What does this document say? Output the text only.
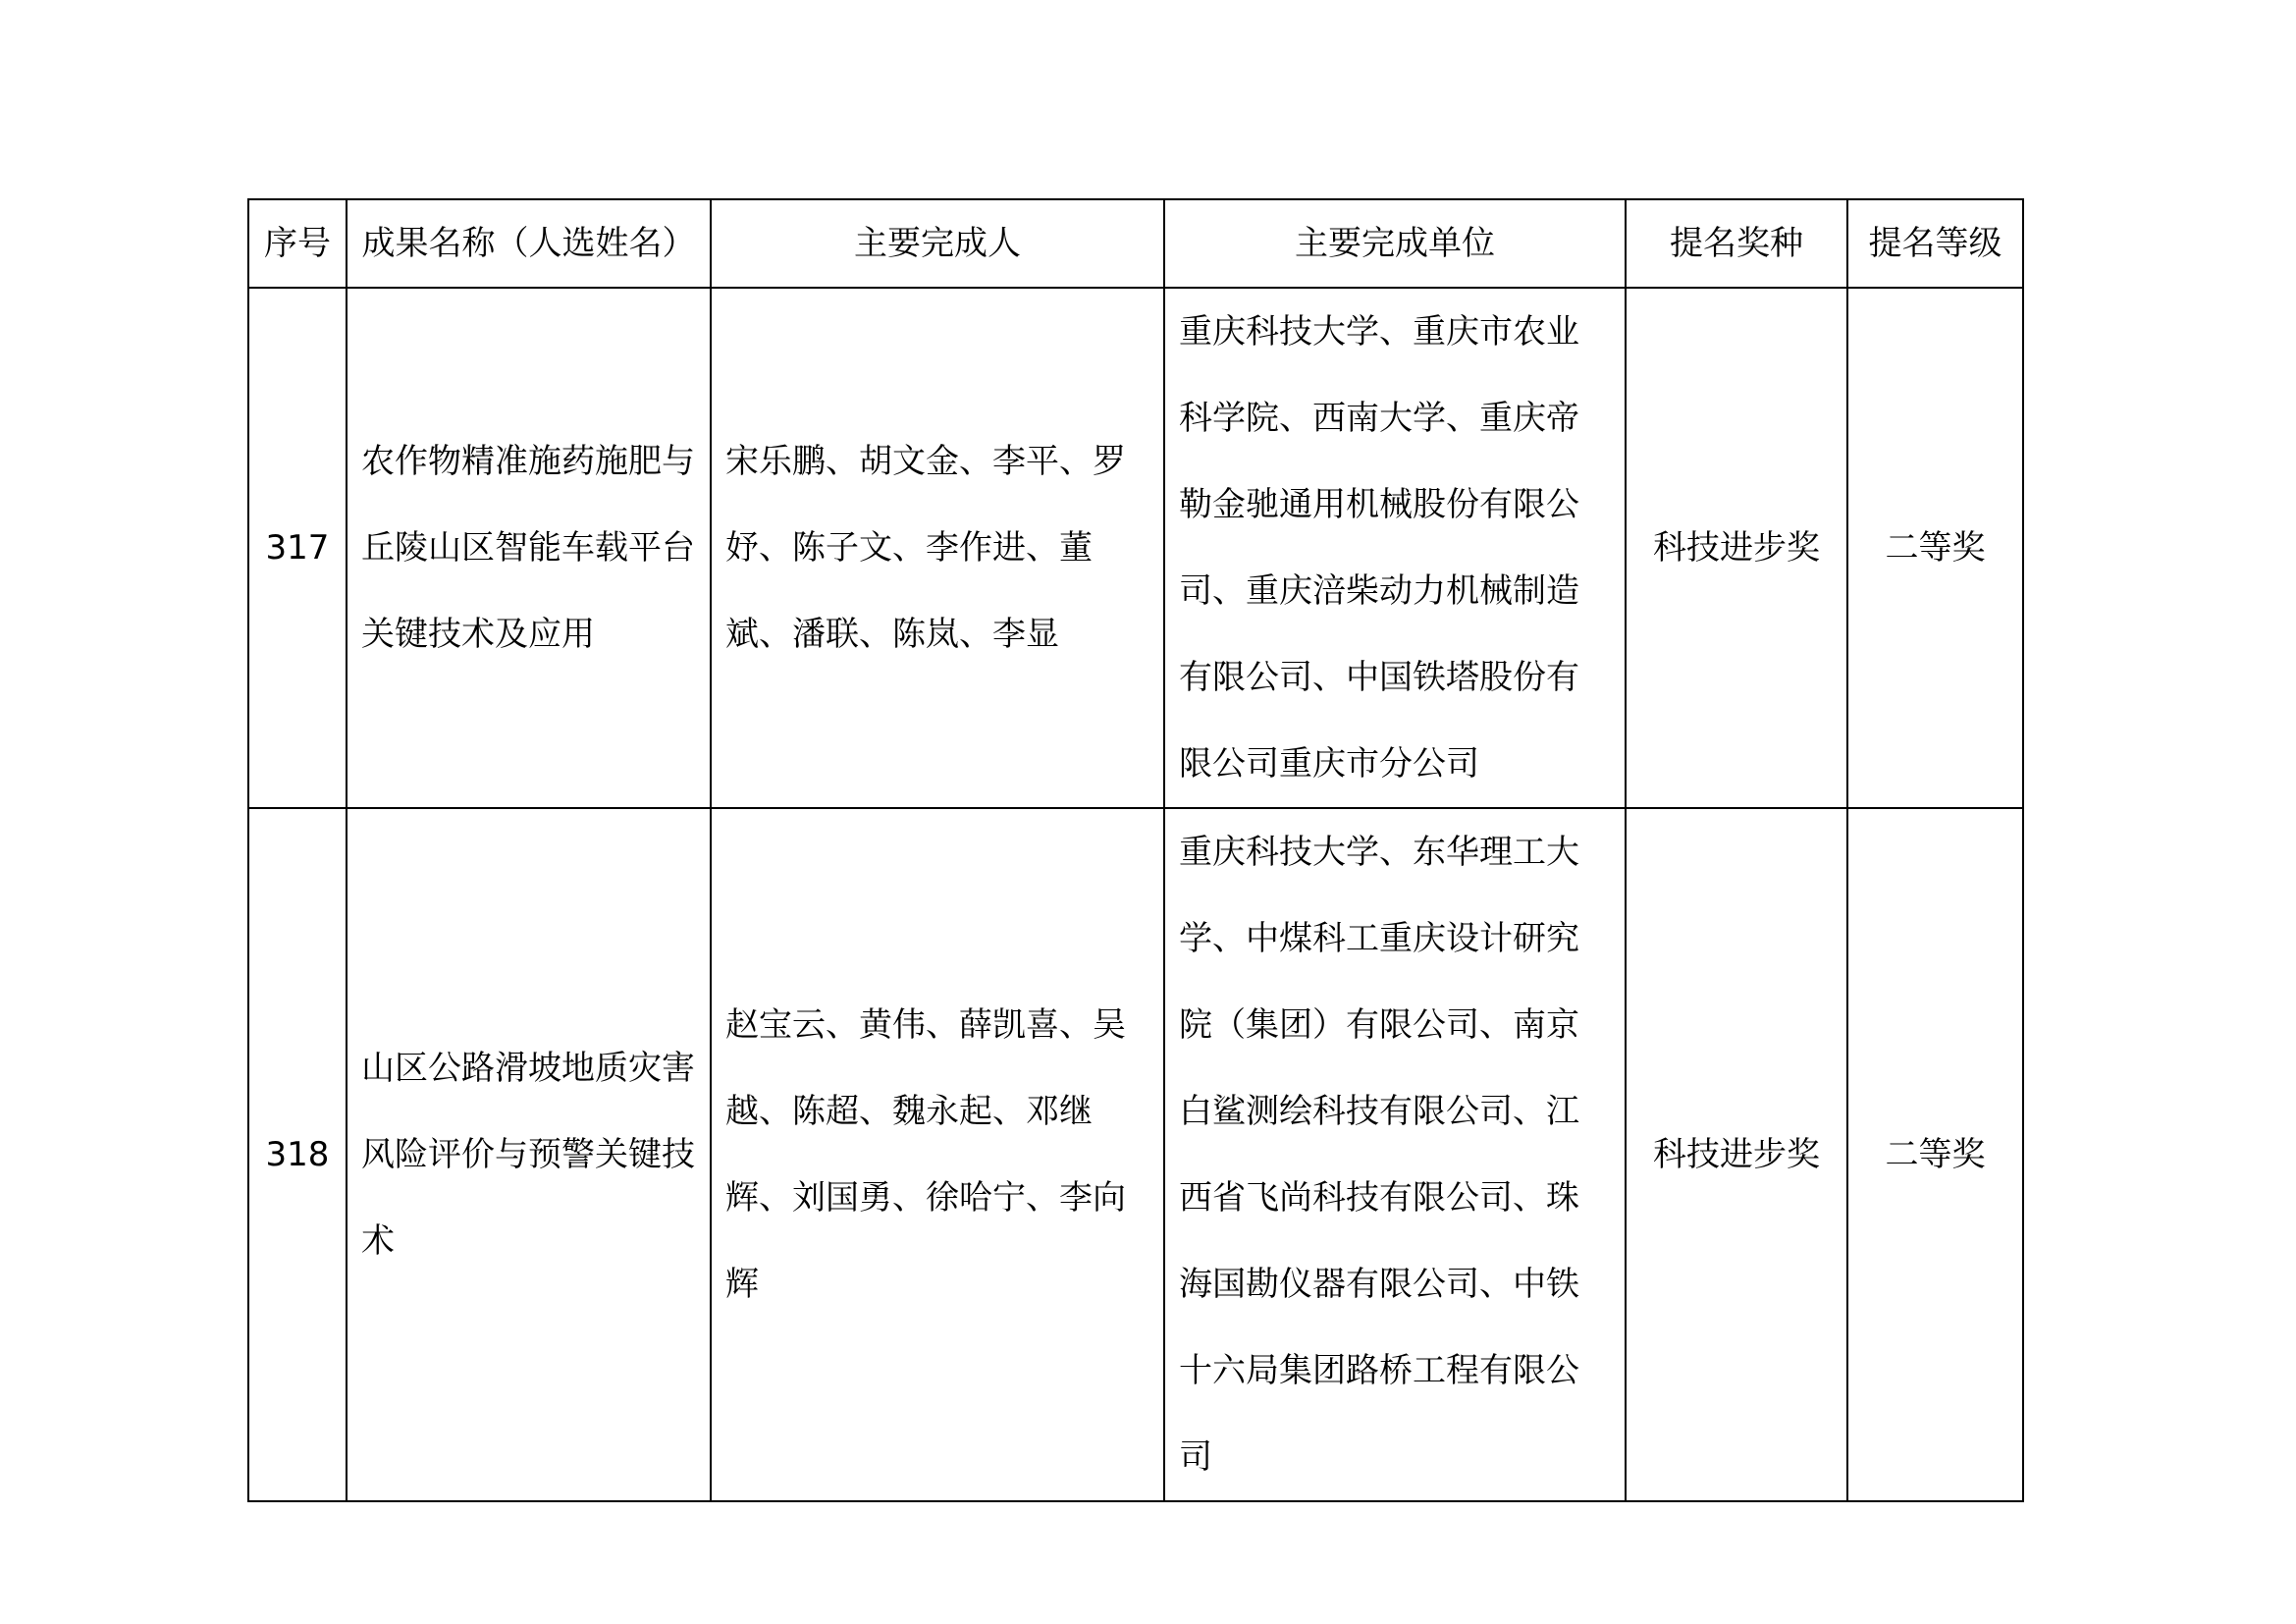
序号	成果名称（人选姓名）	主要完成人	主要完成单位	提名奖种	提名等级
317	农作物精准施药施肥与丘陵山区智能车载平台关键技术及应用	宋乐鹏、胡文金、李平、罗妤、陈子文、李作进、董斌、潘联、陈岚、李显	重庆科技大学、重庆市农业科学院、西南大学、重庆帝勒金驰通用机械股份有限公司、重庆涪柴动力机械制造有限公司、中国铁塔股份有限公司重庆市分公司	科技进步奖	二等奖
318	山区公路滑坡地质灾害风险评价与预警关键技术	赵宝云、黄伟、薛凯喜、吴越、陈超、魏永起、邓继辉、刘国勇、徐哈宁、李向辉	重庆科技大学、东华理工大学、中煤科工重庆设计研究院（集团）有限公司、南京白鲨测绘科技有限公司、江西省飞尚科技有限公司、珠海国勘仪器有限公司、中铁十六局集团路桥工程有限公司	科技进步奖	二等奖
